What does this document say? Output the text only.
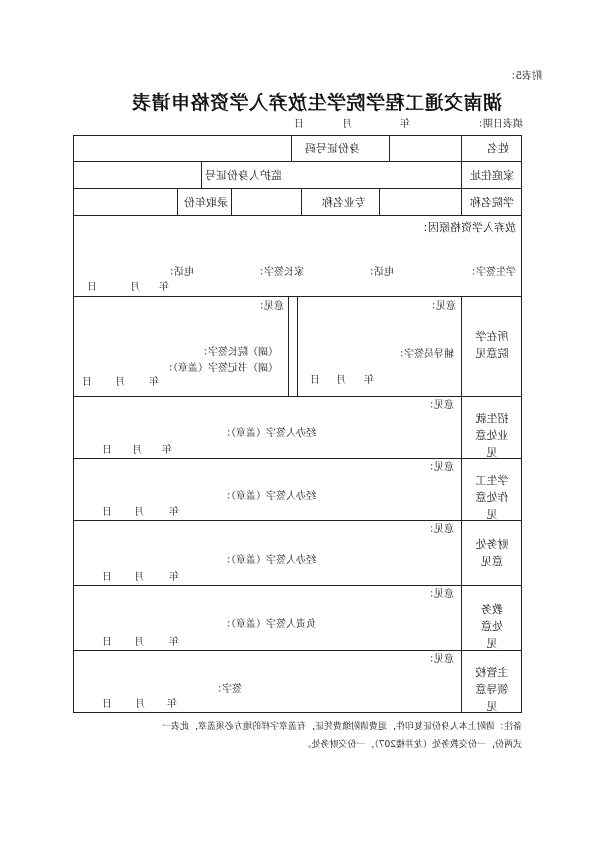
附表5：
湖南交通工程学院学生放弃入学资格申请表
填表日期：
年
月
日
姓名
身份证号码
家庭住址
监护人身份证号
学院名称
专业名称
录取年份
放弃入学资格原因：
学生签字：
电话：
家长签字：
电话：
年
月
日
所在学院意见
意见：
辅导员签字：
年
月
日
意见：
（副）院长签字：
（副）书记签字（盖章）：
年
月
日
招生就业处意见
意见：
经办人签字（盖章）：
年
月
日
学生工作处意见
意见：
经办人签字（盖章）：
年
月
日
财务处意见
意见：
经办人签字（盖章）：
年
月
日
教务处意见
意见：
负责人签字（盖章）：
年
月
日
主管校领导意见
意见：
签字：
年
月
日
备注：请附上本人身份证复印件，退费请附缴费凭证，有盖章字样的地方必须盖章，此表一
式两份，一份交教务处（龙井楼207），一份交财务处。
